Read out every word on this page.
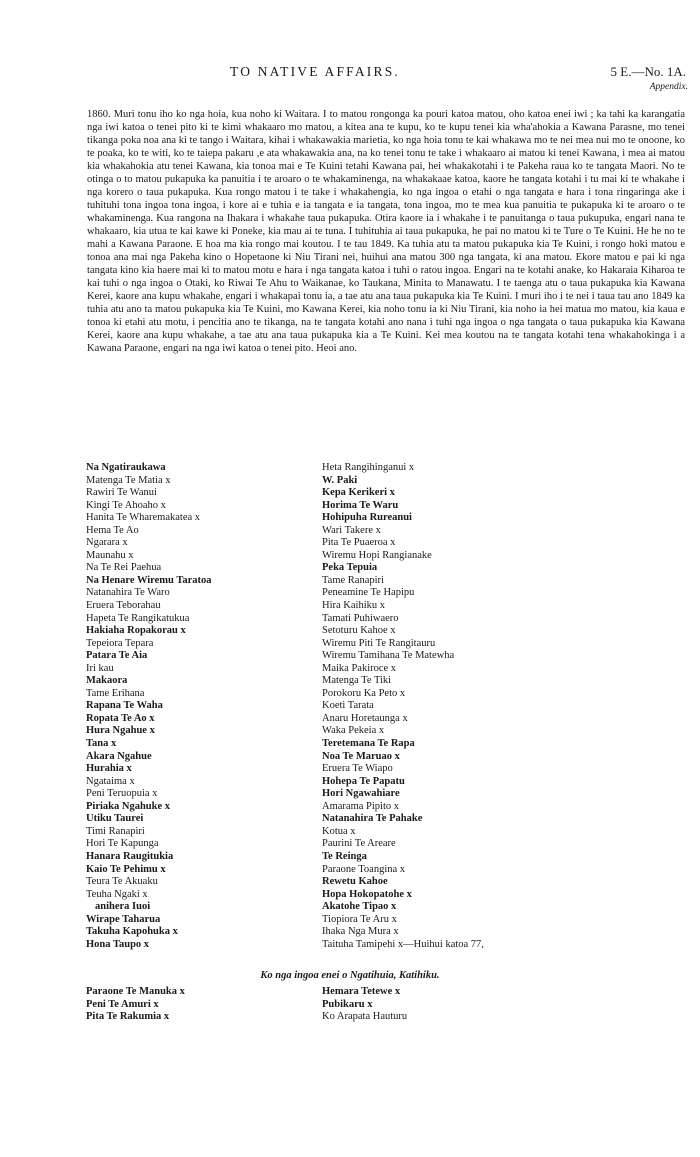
TO NATIVE AFFAIRS.	5 E.—No. 1A.
Appendix.

1860. Muri tonu iho ko nga hoia, kua noho ki Waitara. I to matou rongonga ka pouri katoa matou, oho katoa enei iwi ; ka tahi ka karangatia nga iwi katoa o tenei pito ki te kimi whakaaro mo matou, a kitea ana te kupu, ko te kupu tenei kia wha'ahokia a Kawana Parasne, mo tenei tikanga poka noa ana ki te tango i Waitara, kihai i whakawakia marietia, ko nga hoia tonu te kai whakawa mo te nei mea nui mo te onoone, ko te poaka, ko te witi, ko te taiepa pakaru ,e ata whakawakia ana, na ko tenei tonu te take i whakaaro ai matou ki tenei Kawana, i mea ai matou kia whakahokia atu tenei Kawana, kia tonoa mai e Te Kuini tetahi Kawana pai, hei whakakotahi i te Pakeha raua ko te tangata Maori. No te otinga o to matou pukapuka ka panuitia i te aroaro o te whakaminenga, na whakakaae katoa, kaore he tangata kotahi i tu mai ki te whakahe i nga korero o taua pukapuka. Kua rongo matou i te take i whakahengia, ko nga ingoa o etahi o nga tangata e hara i tona ringaringa ake i tuhituhi tona ingoa tona ingoa, i kore ai e tuhia e ia tangata e ia tangata, tona ingoa, mo te mea kua panuitia te pukapuka ki te aroaro o te whakaminenga. Kua rangona na Ihakara i whakahe taua pukapuka. Otira kaore ia i whakahe i te panuitanga o taua pukupuka, engari nana te whakaaro, kia utua te kai kawe ki Poneke, kia mau ai te tuna. I tuhituhia ai taua pukapuka, he pai no matou ki te Ture o Te Kuini. He he no te mahi a Kawana Paraone. E hoa ma kia rongo mai koutou. I te tau 1849. Ka tuhia atu ta matou pukapuka kia Te Kuini, i rongo hoki matou e tonoa ana mai nga Pakeha kino o Hopetaone ki Niu Tirani nei, huihui ana matou 300 nga tangata, ki ana matou. Ekore matou e pai ki nga tangata kino kia haere mai ki to matou motu e hara i nga tangata katoa i tuhi o ratou ingoa. Engari na te kotahi anake, ko Hakaraia Kiharoa te kai tuhi o nga ingoa o Otaki, ko Riwai Te Ahu to Waikanae, ko Taukana, Minita to Manawatu. I te taenga atu o taua pukapuka kia Kawana Kerei, kaore ana kupu whakahe, engari i whakapai tonu ia, a tae atu ana taua pukapuka kia Te Kuini. I muri iho i te nei i taua tau ano 1849 ka tuhia atu ano ta matou pukapuka kia Te Kuini, mo Kawana Kerei, kia noho tonu ia ki Niu Tirani, kia noho ia hei matua mo matou, kia kaua e tonoa ki etahi atu motu, i pencitia ano te tikanga, na te tangata kotahi ano nana i tuhi nga ingoa o nga tangata o taua pukapuka kia Kawana Kerei, kaore ana kupu whakahe, a tae atu ana taua pukapuka kia a Te Kuini. Kei mea koutou na te tangata kotahi tena whakahokinga i a Kawana Paraone, engari na nga iwi katoa o tenei pito. Heoi ano.

Na Ngatiraukawa
Matenga Te Matia x
Rawiri Te Wanui
Kingi Te Ahoaho x
Hanita Te Wharemakatea x
Hema Te Ao
Ngarara x
Maunahu x
Na Te Rei Paehua
Na Henare Wiremu Taratoa
Natanahira Te Waro
Eruera Teborahau
Hapeta Te Rangikatukua
Hakiaha Ropakorau x
Tepeiora Tepara
Patara Te Aia
Iri kau
Makaora
Tame Erihana
Rapana Te Waha
Ropata Te Ao x
Hura Ngahue x
Tana x
Akara Ngahue
Hurahia x
Ngataima x
Peni Teruopuia x
Piriaka Ngahuke x
Utiku Taurei
Timi Ranapiri
Hori Te Kapunga
Hanara Raugitukia
Kaio Te Pehimu x
Teura Te Akuaku
Teuha Ngaki x
anihera Iuoi
Wirape Taharua
Takuha Kapohuka x
Hona Taupo x
Heta Rangihinganui x
W. Paki
Kepa Kerikeri x
Horima Te Waru
Hohipuha Rureanui
Wari Takere x
Pita Te Puaeroa x
Wiremu Hopi Rangianake
Peka Tepuia
Tame Ranapiri
Peneamine Te Hapipu
Hira Kaihiku x
Tamati Puhiwaero
Setoturu Kahoe x
Wiremu Piti Te Rangitauru
Wiremu Tamihana Te Matewha
Maika Pakiroce x
Matenga Te Tiki
Porokoru Ka Peto x
Koeti Tarata
Anaru Horetaunga x
Waka Pekeia x
Teretemana Te Rapa
Noa Te Maruao x
Eruera Te Wiapo
Hohepa Te Papatu
Hori Ngawahiare
Amarama Pipito x
Natanahira Te Pahake
Kotua x
Paurini Te Areare
Te Reinga
Paraone Toangina x
Rewetu Kahoe
Hopa Hokopatohe x
Akatohe Tipao x
Tiopiora Te Aru x
Ihaka Nga Mura x
Taituha Tamipehi x—Huihui katoa 77,
Ko nga ingoa enei o Ngatihuia, Katihiku.
Paraone Te Manuka x
Peni Te Amuri x
Pita Te Rakumia x
Hemara Tetewe x
Pubikaru x
Ko Arapata Hauturu
